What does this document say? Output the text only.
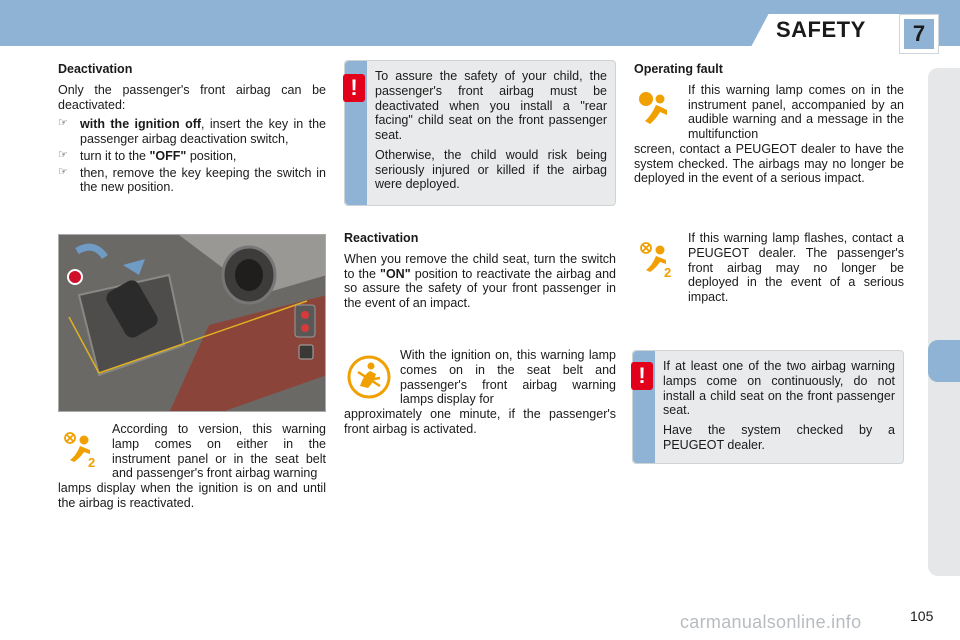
SAFETY	7
Deactivation

Only the passenger's front airbag can be deactivated:

☞ with the ignition off, insert the key in the passenger airbag deactivation switch,
☞ turn it to the "OFF" position,
☞ then, remove the key keeping the switch in the new position.

To assure the safety of your child, the passenger's front airbag must be deactivated when you install a "rear facing" child seat on the front passenger seat.

Otherwise, the child would risk being seriously injured or killed if the airbag were deployed.

!
2

According to version, this warning lamp comes on either in the instrument panel or in the seat belt and passenger's front airbag warning

lamps display when the ignition is on and until the airbag is reactivated.

Reactivation

When you remove the child seat, turn the switch to the "ON" position to reactivate the airbag and so assure the safety of your front passenger in the event of an impact.

With the ignition on, this warning lamp comes on in the seat belt and passenger's front airbag warning lamps display for

approximately one minute, if the passenger's front airbag is activated.

Operating fault

If this warning lamp comes on in the instrument panel, accompanied by an audible warning and a message in the multifunction

screen, contact a PEUGEOT dealer to have the system checked. The airbags may no longer be deployed in the event of a serious impact.

2

If this warning lamp flashes, contact a PEUGEOT dealer. The passenger's front airbag may no longer be deployed in the event of a serious impact.

If at least one of the two airbag warning lamps come on continuously, do not install a child seat on the front passenger seat.

Have the system checked by a PEUGEOT dealer.

!
carmanualsonline.info	105
